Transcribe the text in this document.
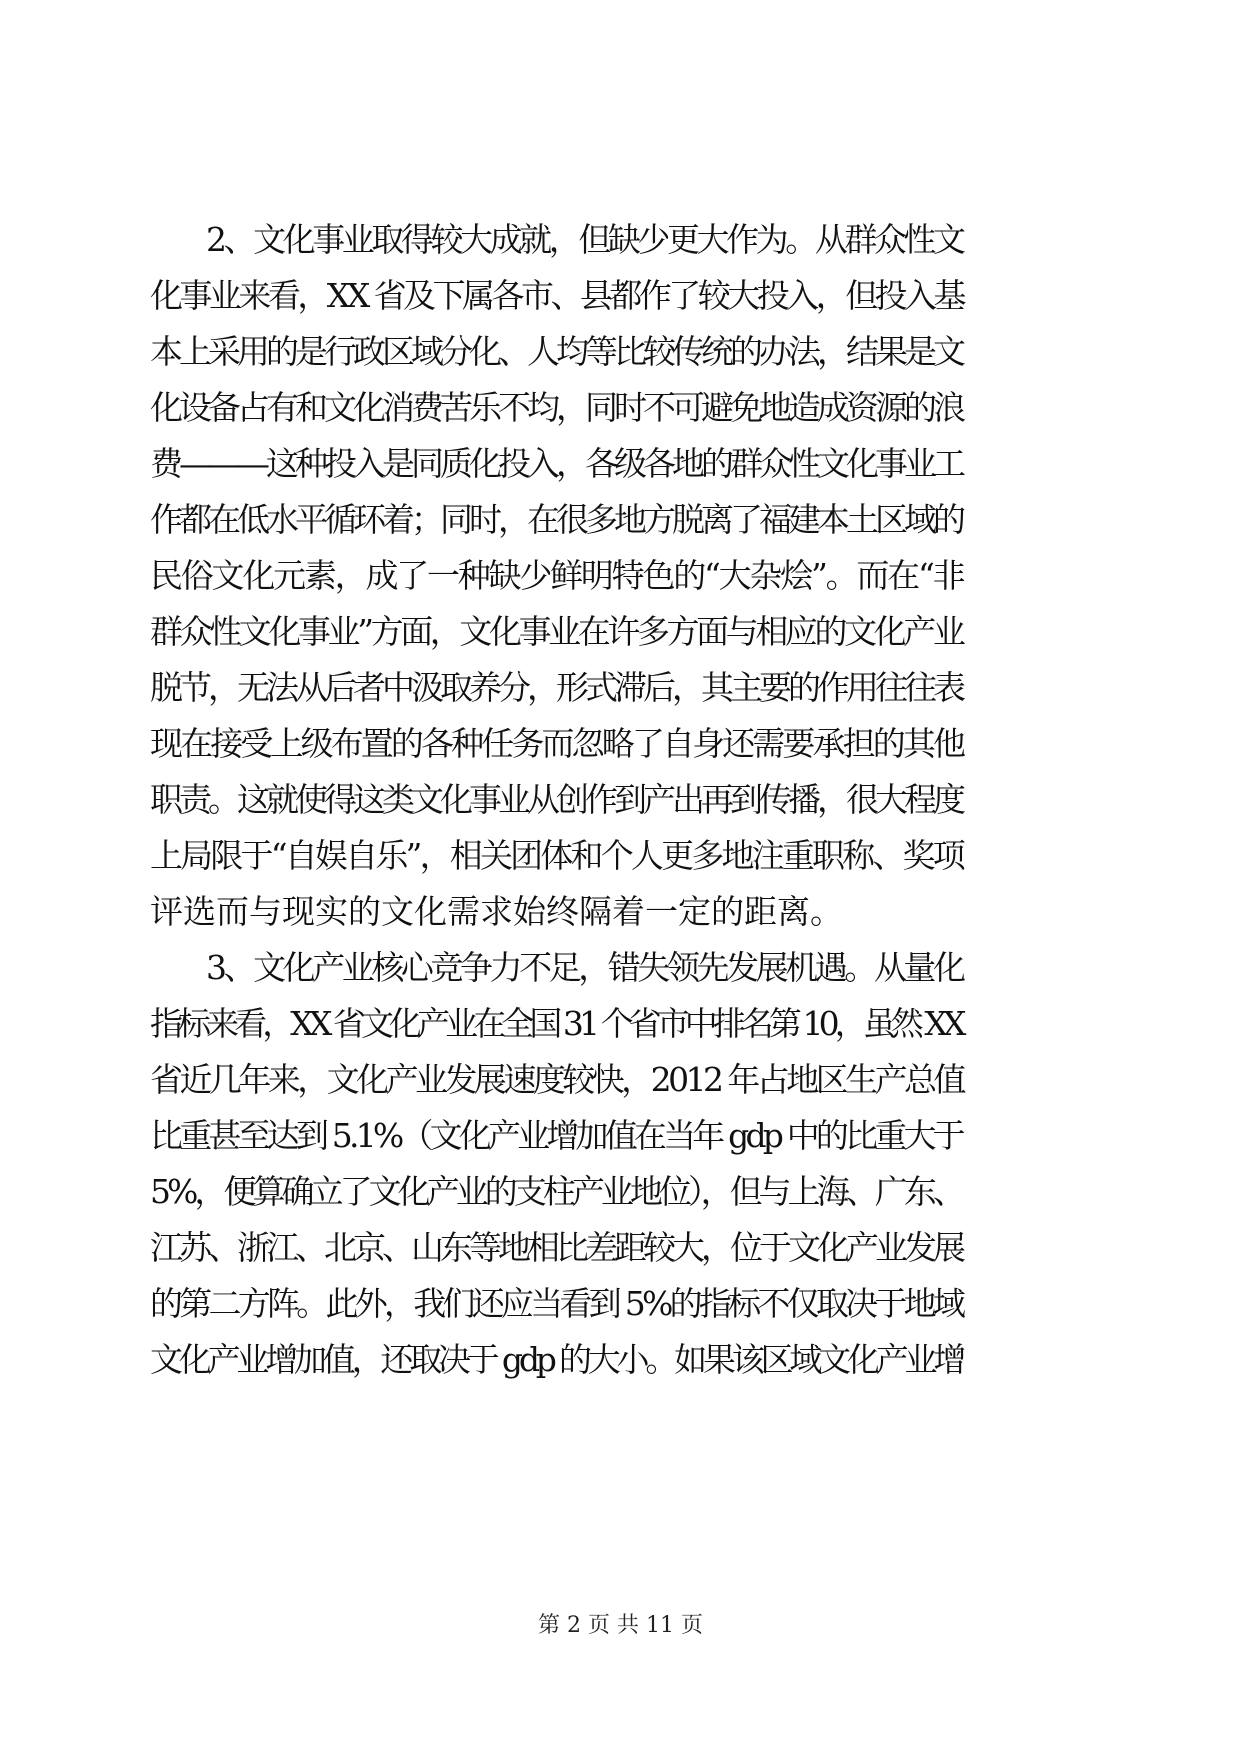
2、文化事业取得较大成就，但缺少更大作为。从群众性文
化事业来看，XX 省及下属各市、县都作了较大投入，但投入基
本上采用的是行政区域分化、人均等比较传统的办法，结果是文
化设备占有和文化消费苦乐不均，同时不可避免地造成资源的浪
费———这种投入是同质化投入，各级各地的群众性文化事业工
作都在低水平循环着；同时，在很多地方脱离了福建本土区域的
民俗文化元素，成了一种缺少鲜明特色的“大杂烩”。而在“非
群众性文化事业”方面，文化事业在许多方面与相应的文化产业
脱节，无法从后者中汲取养分，形式滞后，其主要的作用往往表
现在接受上级布置的各种任务而忽略了自身还需要承担的其他
职责。这就使得这类文化事业从创作到产出再到传播，很大程度
上局限于“自娱自乐”，相关团体和个人更多地注重职称、奖项
评选而与现实的文化需求始终隔着一定的距离。
3、文化产业核心竞争力不足，错失领先发展机遇。从量化
指标来看，XX 省文化产业在全国 31 个省市中排名第 10，虽然 XX
省近几年来，文化产业发展速度较快，2012 年占地区生产总值
比重甚至达到 5.1%（文化产业增加值在当年 gdp 中的比重大于
5%，便算确立了文化产业的支柱产业地位），但与上海、广东、
江苏、浙江、北京、山东等地相比差距较大，位于文化产业发展
的第二方阵。此外，我们还应当看到 5%的指标不仅取决于地域
文化产业增加值，还取决于 gdp 的大小。如果该区域文化产业增
第 2 页 共 11 页
